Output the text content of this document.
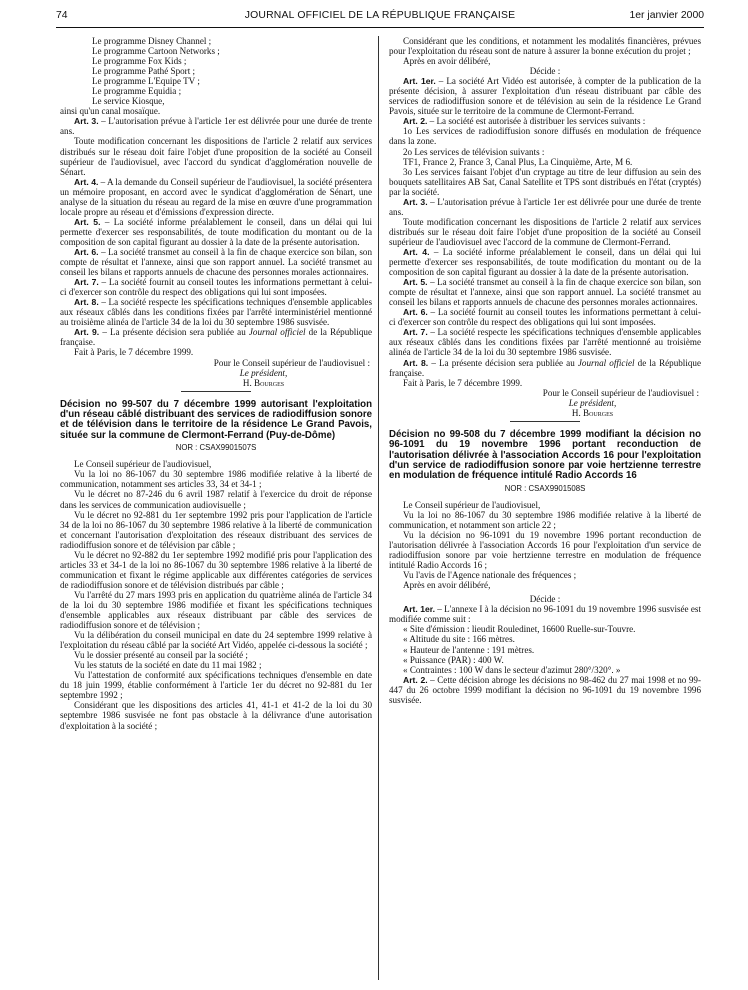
74	JOURNAL OFFICIEL DE LA RÉPUBLIQUE FRANÇAISE	1er janvier 2000

Le programme Disney Channel ;

Le programme Cartoon Networks ;

Le programme Fox Kids ;

Le programme Pathé Sport ;

Le programme L'Equipe TV ;

Le programme Equidia ;

Le service Kiosque,

ainsi qu'un canal mosaïque.

Art. 3. – L'autorisation prévue à l'article 1er est délivrée pour une durée de trente ans.

Toute modification concernant les dispositions de l'article 2 relatif aux services distribués sur le réseau doit faire l'objet d'une proposition de la société au Conseil supérieur de l'audiovisuel, avec l'accord du syndicat d'agglomération nouvelle de Sénart.

Art. 4. – A la demande du Conseil supérieur de l'audiovisuel, la société présentera un mémoire proposant, en accord avec le syndicat d'agglomération de Sénart, une analyse de la situation du réseau au regard de la mise en œuvre d'une programmation locale propre au réseau et d'émissions d'expression directe.

Art. 5. – La société informe préalablement le conseil, dans un délai qui lui permette d'exercer ses responsabilités, de toute modification du montant ou de la composition de son capital figurant au dossier à la date de la présente autorisation.

Art. 6. – La société transmet au conseil à la fin de chaque exercice son bilan, son compte de résultat et l'annexe, ainsi que son rapport annuel. La société transmet au conseil les bilans et rapports annuels de chacune des personnes morales actionnaires.

Art. 7. – La société fournit au conseil toutes les informations permettant à celui-ci d'exercer son contrôle du respect des obligations qui lui sont imposées.

Art. 8. – La société respecte les spécifications techniques d'ensemble applicables aux réseaux câblés dans les conditions fixées par l'arrêté interministériel mentionné au troisième alinéa de l'article 34 de la loi du 30 septembre 1986 susvisée.

Art. 9. – La présente décision sera publiée au Journal officiel de la République française.

Fait à Paris, le 7 décembre 1999.

Pour le Conseil supérieur de l'audiovisuel :

Le président,

H. Bourges

Décision no 99-507 du 7 décembre 1999 autorisant l'exploitation d'un réseau câblé distribuant des services de radiodiffusion sonore et de télévision dans le territoire de la résidence Le Grand Pavois, située sur la commune de Clermont-Ferrand (Puy-de-Dôme)

NOR : CSAX9901507S

Le Conseil supérieur de l'audiovisuel,

Vu la loi no 86-1067 du 30 septembre 1986 modifiée relative à la liberté de communication, notamment ses articles 33, 34 et 34-1 ;

Vu le décret no 87-246 du 6 avril 1987 relatif à l'exercice du droit de réponse dans les services de communication audiovisuelle ;

Vu le décret no 92-881 du 1er septembre 1992 pris pour l'application de l'article 34 de la loi no 86-1067 du 30 septembre 1986 relative à la liberté de communication et concernant l'autorisation d'exploitation des réseaux distribuant des services de radiodiffusion sonore et de télévision par câble ;

Vu le décret no 92-882 du 1er septembre 1992 modifié pris pour l'application des articles 33 et 34-1 de la loi no 86-1067 du 30 septembre 1986 relative à la liberté de communication et fixant le régime applicable aux différentes catégories de services de radiodiffusion sonore et de télévision distribués par câble ;

Vu l'arrêté du 27 mars 1993 pris en application du quatrième alinéa de l'article 34 de la loi du 30 septembre 1986 modifiée et fixant les spécifications techniques d'ensemble applicables aux réseaux distribuant par câble des services de radiodiffusion sonore et de télévision ;

Vu la délibération du conseil municipal en date du 24 septembre 1999 relative à l'exploitation du réseau câblé par la société Art Vidéo, appelée ci-dessous la société ;

Vu le dossier présenté au conseil par la société ;

Vu les statuts de la société en date du 11 mai 1982 ;

Vu l'attestation de conformité aux spécifications techniques d'ensemble en date du 18 juin 1999, établie conformément à l'article 1er du décret no 92-881 du 1er septembre 1992 ;

Considérant que les dispositions des articles 41, 41-1 et 41-2 de la loi du 30 septembre 1986 susvisée ne font pas obstacle à la délivrance d'une autorisation d'exploitation à la société ;

Considérant que les conditions, et notamment les modalités financières, prévues pour l'exploitation du réseau sont de nature à assurer la bonne exécution du projet ;

Après en avoir délibéré,

Décide :

Art. 1er. – La société Art Vidéo est autorisée, à compter de la publication de la présente décision, à assurer l'exploitation d'un réseau distribuant par câble des services de radiodiffusion sonore et de télévision au sein de la résidence Le Grand Pavois, située sur le territoire de la commune de Clermont-Ferrand.

Art. 2. – La société est autorisée à distribuer les services suivants :

1o Les services de radiodiffusion sonore diffusés en modulation de fréquence dans la zone.

2o Les services de télévision suivants :

TF1, France 2, France 3, Canal Plus, La Cinquième, Arte, M 6.

3o Les services faisant l'objet d'un cryptage au titre de leur diffusion au sein des bouquets satellitaires AB Sat, Canal Satellite et TPS sont distribués en l'état (cryptés) par la société.

Art. 3. – L'autorisation prévue à l'article 1er est délivrée pour une durée de trente ans.

Toute modification concernant les dispositions de l'article 2 relatif aux services distribués sur le réseau doit faire l'objet d'une proposition de la société au Conseil supérieur de l'audiovisuel avec l'accord de la commune de Clermont-Ferrand.

Art. 4. – La société informe préalablement le conseil, dans un délai qui lui permette d'exercer ses responsabilités, de toute modification du montant ou de la composition de son capital figurant au dossier à la date de la présente autorisation.

Art. 5. – La société transmet au conseil à la fin de chaque exercice son bilan, son compte de résultat et l'annexe, ainsi que son rapport annuel. La société transmet au conseil les bilans et rapports annuels de chacune des personnes morales actionnaires.

Art. 6. – La société fournit au conseil toutes les informations permettant à celui-ci d'exercer son contrôle du respect des obligations qui lui sont imposées.

Art. 7. – La société respecte les spécifications techniques d'ensemble applicables aux réseaux câblés dans les conditions fixées par l'arrêté mentionné au troisième alinéa de l'article 34 de la loi du 30 septembre 1986 susvisée.

Art. 8. – La présente décision sera publiée au Journal officiel de la République française.

Fait à Paris, le 7 décembre 1999.

Pour le Conseil supérieur de l'audiovisuel :

Le président,

H. Bourges

Décision no 99-508 du 7 décembre 1999 modifiant la décision no 96-1091 du 19 novembre 1996 portant reconduction de l'autorisation délivrée à l'association Accords 16 pour l'exploitation d'un service de radiodiffusion sonore par voie hertzienne terrestre en modulation de fréquence intitulé Radio Accords 16

NOR : CSAX9901508S

Le Conseil supérieur de l'audiovisuel,

Vu la loi no 86-1067 du 30 septembre 1986 modifiée relative à la liberté de communication, et notamment son article 22 ;

Vu la décision no 96-1091 du 19 novembre 1996 portant reconduction de l'autorisation délivrée à l'association Accords 16 pour l'exploitation d'un service de radiodiffusion sonore par voie hertzienne terrestre en modulation de fréquence intitulé Radio Accords 16 ;

Vu l'avis de l'Agence nationale des fréquences ;

Après en avoir délibéré,

Décide :

Art. 1er. – L'annexe I à la décision no 96-1091 du 19 novembre 1996 susvisée est modifiée comme suit :

« Site d'émission : lieudit Rouledinet, 16600 Ruelle-sur-Touvre.

« Altitude du site : 166 mètres.

« Hauteur de l'antenne : 191 mètres.

« Puissance (PAR) : 400 W.

« Contraintes : 100 W dans le secteur d'azimut 280°/320°. »

Art. 2. – Cette décision abroge les décisions no 98-462 du 27 mai 1998 et no 99-447 du 26 octobre 1999 modifiant la décision no 96-1091 du 19 novembre 1996 susvisée.
